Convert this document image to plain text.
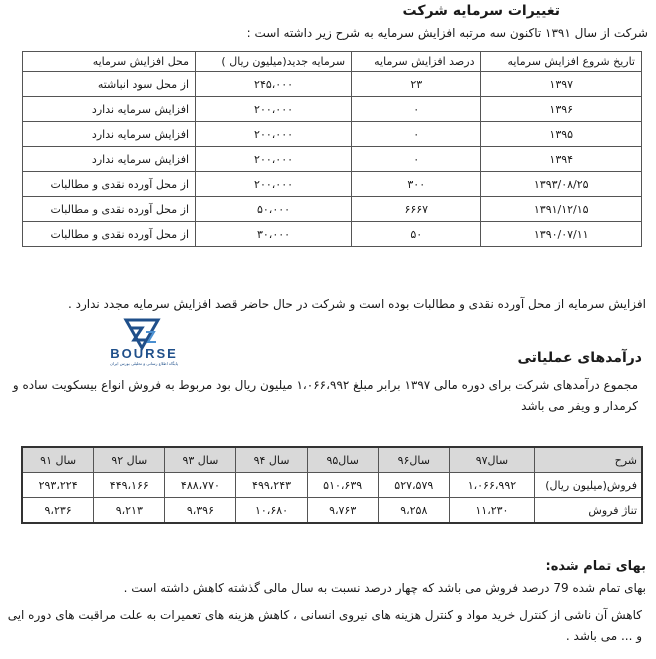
تغییرات سرمایه شرکت
شرکت از سال ۱۳۹۱ تاکنون سه مرتبه افزایش سرمایه به شرح زیر داشته است :
تاریخ شروع افزایش سرمایه	درصد افزایش سرمایه	سرمایه جدید(میلیون ریال )	محل افزایش سرمایه
۱۳۹۷	۲۳	۲۴۵،۰۰۰	از محل سود انباشته
۱۳۹۶	۰	۲۰۰،۰۰۰	افزایش سرمایه ندارد
۱۳۹۵	۰	۲۰۰،۰۰۰	افزایش سرمایه ندارد
۱۳۹۴	۰	۲۰۰،۰۰۰	افزایش سرمایه ندارد
۱۳۹۳/۰۸/۲۵	۳۰۰	۲۰۰،۰۰۰	از محل آورده نقدی و مطالبات
۱۳۹۱/۱۲/۱۵	۶۶۶۷	۵۰،۰۰۰	از محل آورده نقدی و مطالبات
۱۳۹۰/۰۷/۱۱	۵۰	۳۰،۰۰۰	از محل آورده نقدی و مطالبات
افزایش سرمایه از محل آورده نقدی و مطالبات بوده است و شرکت در حال حاضر قصد افزایش سرمایه مجدد ندارد .
BOURSE
پایگاه اطلاع رسانی و تحلیلی بورس ایران	درآمدهای عملیاتی
مجموع درآمدهای شرکت برای دوره مالی ۱۳۹۷ برابر مبلغ ۱،۰۶۶،۹۹۲ میلیون ریال بود مربوط به فروش انواع بیسکویت ساده و کرمدار و ویفر می باشد
شرح	سال۹۷	سال۹۶	سال۹۵	سال ۹۴	سال ۹۳	سال ۹۲	سال ۹۱
فروش(میلیون ریال)	۱،۰۶۶،۹۹۲	۵۲۷،۵۷۹	۵۱۰،۶۳۹	۴۹۹،۲۴۳	۴۸۸،۷۷۰	۴۴۹،۱۶۶	۲۹۳،۲۲۴
تناژ فروش	۱۱،۲۳۰	۹،۲۵۸	۹،۷۶۳	۱۰،۶۸۰	۹،۳۹۶	۹،۲۱۳	۹،۲۳۶
بهای تمام شده:
بهای تمام شده 79 درصد فروش می باشد که چهار درصد نسبت به سال مالی گذشته کاهش داشته است .
کاهش آن ناشی از کنترل خرید مواد و کنترل هزینه های نیروی انسانی ، کاهش هزینه های تعمیرات به علت مراقبت های دوره ایی و ... می باشد .
